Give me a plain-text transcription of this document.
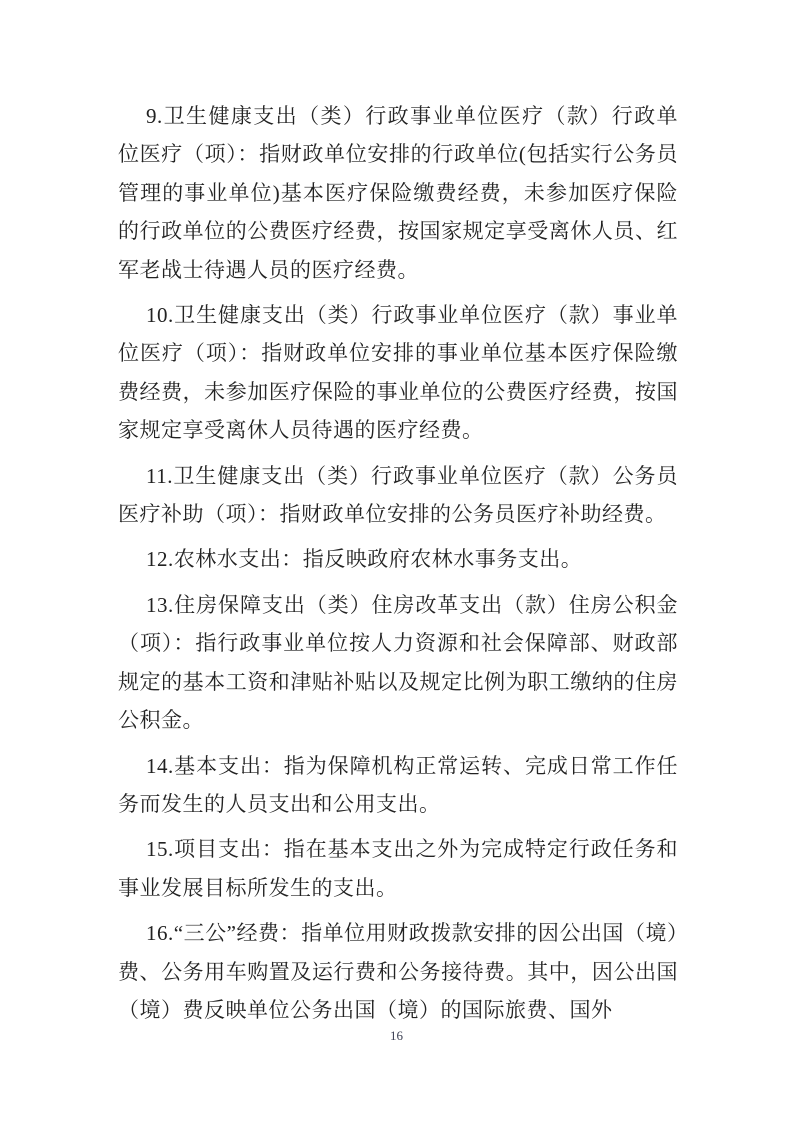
9.卫生健康支出（类）行政事业单位医疗（款）行政单位医疗（项）：指财政单位安排的行政单位(包括实行公务员管理的事业单位)基本医疗保险缴费经费，未参加医疗保险的行政单位的公费医疗经费，按国家规定享受离休人员、红军老战士待遇人员的医疗经费。

10.卫生健康支出（类）行政事业单位医疗（款）事业单位医疗（项）：指财政单位安排的事业单位基本医疗保险缴费经费，未参加医疗保险的事业单位的公费医疗经费，按国家规定享受离休人员待遇的医疗经费。

11.卫生健康支出（类）行政事业单位医疗（款）公务员医疗补助（项）：指财政单位安排的公务员医疗补助经费。

12.农林水支出：指反映政府农林水事务支出。

13.住房保障支出（类）住房改革支出（款）住房公积金（项）：指行政事业单位按人力资源和社会保障部、财政部规定的基本工资和津贴补贴以及规定比例为职工缴纳的住房公积金。

14.基本支出：指为保障机构正常运转、完成日常工作任务而发生的人员支出和公用支出。

15.项目支出：指在基本支出之外为完成特定行政任务和事业发展目标所发生的支出。

16.“三公”经费：指单位用财政拨款安排的因公出国（境）费、公务用车购置及运行费和公务接待费。其中，因公出国（境）费反映单位公务出国（境）的国际旅费、国外

16
